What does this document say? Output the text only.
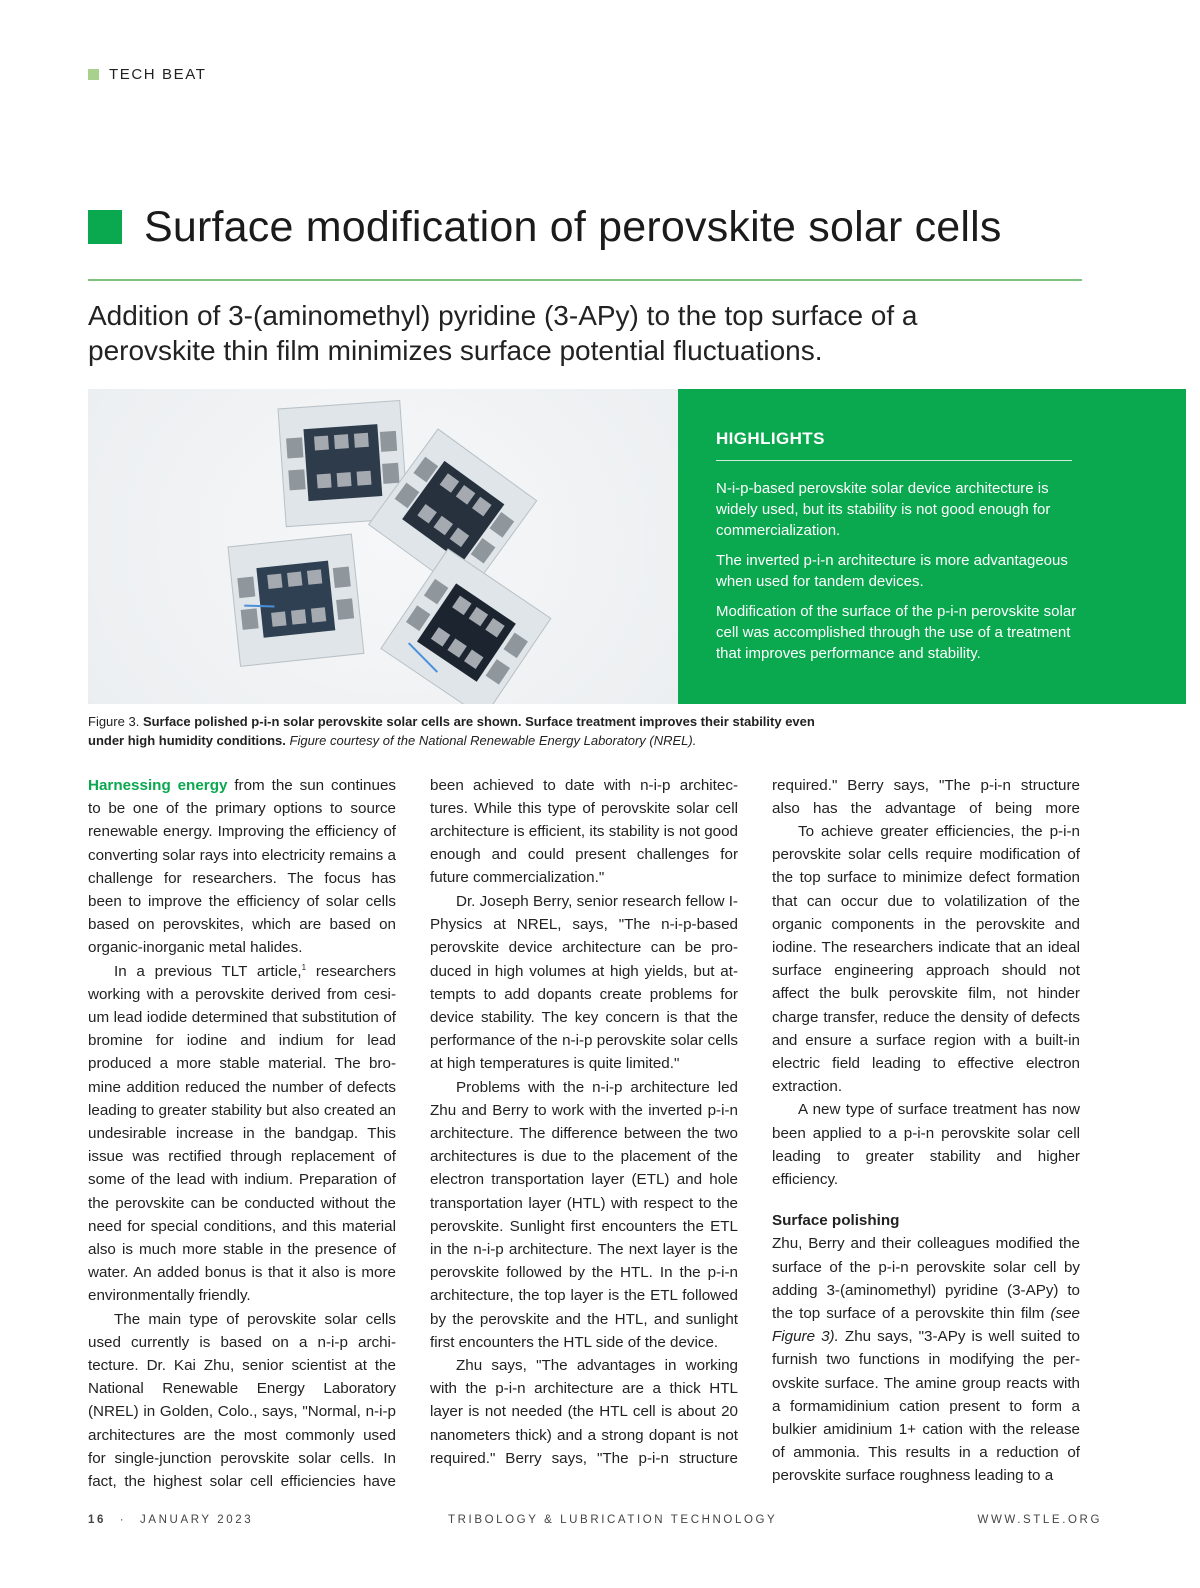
TECH BEAT
Surface modification of perovskite solar cells
Addition of 3-(aminomethyl) pyridine (3-APy) to the top surface of a perovskite thin film minimizes surface potential fluctuations.
HIGHLIGHTS

N-i-p-based perovskite solar device architecture is widely used, but its stability is not good enough for commercialization.

The inverted p-i-n architecture is more advantageous when used for tandem devices.

Modification of the surface of the p-i-n perovskite solar cell was accomplished through the use of a treatment that improves performance and stability.

Figure 3. Surface polished p-i-n solar perovskite solar cells are shown. Surface treatment improves their stability even under high humidity conditions. Figure courtesy of the National Renewable Energy Laboratory (NREL).

Harnessing energy from the sun continues to be one of the primary options to source renewable energy. Improving the efficiency of converting solar rays into electricity remains a challenge for researchers. The focus has been to improve the efficiency of solar cells based on perovskites, which are based on organic-inorganic metal halides.

In a previous TLT article,$^1$ researchers working with a perovskite derived from cesium lead iodide determined that substitution of bromine for iodine and indium for lead produced a more stable material. The bromine addition reduced the number of defects leading to greater stability but also created an undesirable increase in the bandgap. This issue was rectified through replacement of some of the lead with indium. Preparation of the perovskite can be conducted without the need for special conditions, and this material also is much more stable in the presence of water. An added bonus is that it also is more environmentally friendly.

The main type of perovskite solar cells used currently is based on a n-i-p architecture. Dr. Kai Zhu, senior scientist at the National Renewable Energy Laboratory (NREL) in Golden, Colo., says, "Normal, n-i-p architectures are the most commonly used for single-junction perovskite solar cells. In fact, the highest solar cell efficiencies have

been achieved to date with n-i-p architectures. While this type of perovskite solar cell architecture is efficient, its stability is not good enough and could present challenges for future commercialization."

Dr. Joseph Berry, senior research fellow I-Physics at NREL, says, "The n-i-p-based perovskite device architecture can be produced in high volumes at high yields, but attempts to add dopants create problems for device stability. The key concern is that the performance of the n-i-p perovskite solar cells at high temperatures is quite limited."

Problems with the n-i-p architecture led Zhu and Berry to work with the inverted p-i-n architecture. The difference between the two architectures is due to the placement of the electron transportation layer (ETL) and hole transportation layer (HTL) with respect to the perovskite. Sunlight first encounters the ETL in the n-i-p architecture. The next layer is the perovskite followed by the HTL. In the p-i-n architecture, the top layer is the ETL followed by the perovskite and the HTL, and sunlight first encounters the HTL side of the device.

Zhu says, "The advantages in working with the p-i-n architecture are a thick HTL layer is not needed (the HTL cell is about 20 nanometers thick) and a strong dopant is not required." Berry says, "The p-i-n structure

required." Berry says, "The p-i-n structure also has the advantage of being more

To achieve greater efficiencies, the p-i-n perovskite solar cells require modification of the top surface to minimize defect formation that can occur due to volatilization of the organic components in the perovskite and iodine. The researchers indicate that an ideal surface engineering approach should not affect the bulk perovskite film, not hinder charge transfer, reduce the density of defects and ensure a surface region with a built-in electric field leading to effective electron extraction.

A new type of surface treatment has now been applied to a p-i-n perovskite solar cell leading to greater stability and higher efficiency.

Surface polishing

Zhu, Berry and their colleagues modified the surface of the p-i-n perovskite solar cell by adding 3-(aminomethyl) pyridine (3-APy) to the top surface of a perovskite thin film (see Figure 3). Zhu says, "3-APy is well suited to furnish two functions in modifying the perovskite surface. The amine group reacts with a formamidinium cation present to form a bulkier amidinium 1+ cation with the release of ammonia. This results in a reduction of perovskite surface roughness leading to a

16 · JANUARY 2023	TRIBOLOGY & LUBRICATION TECHNOLOGY	WWW.STLE.ORG
